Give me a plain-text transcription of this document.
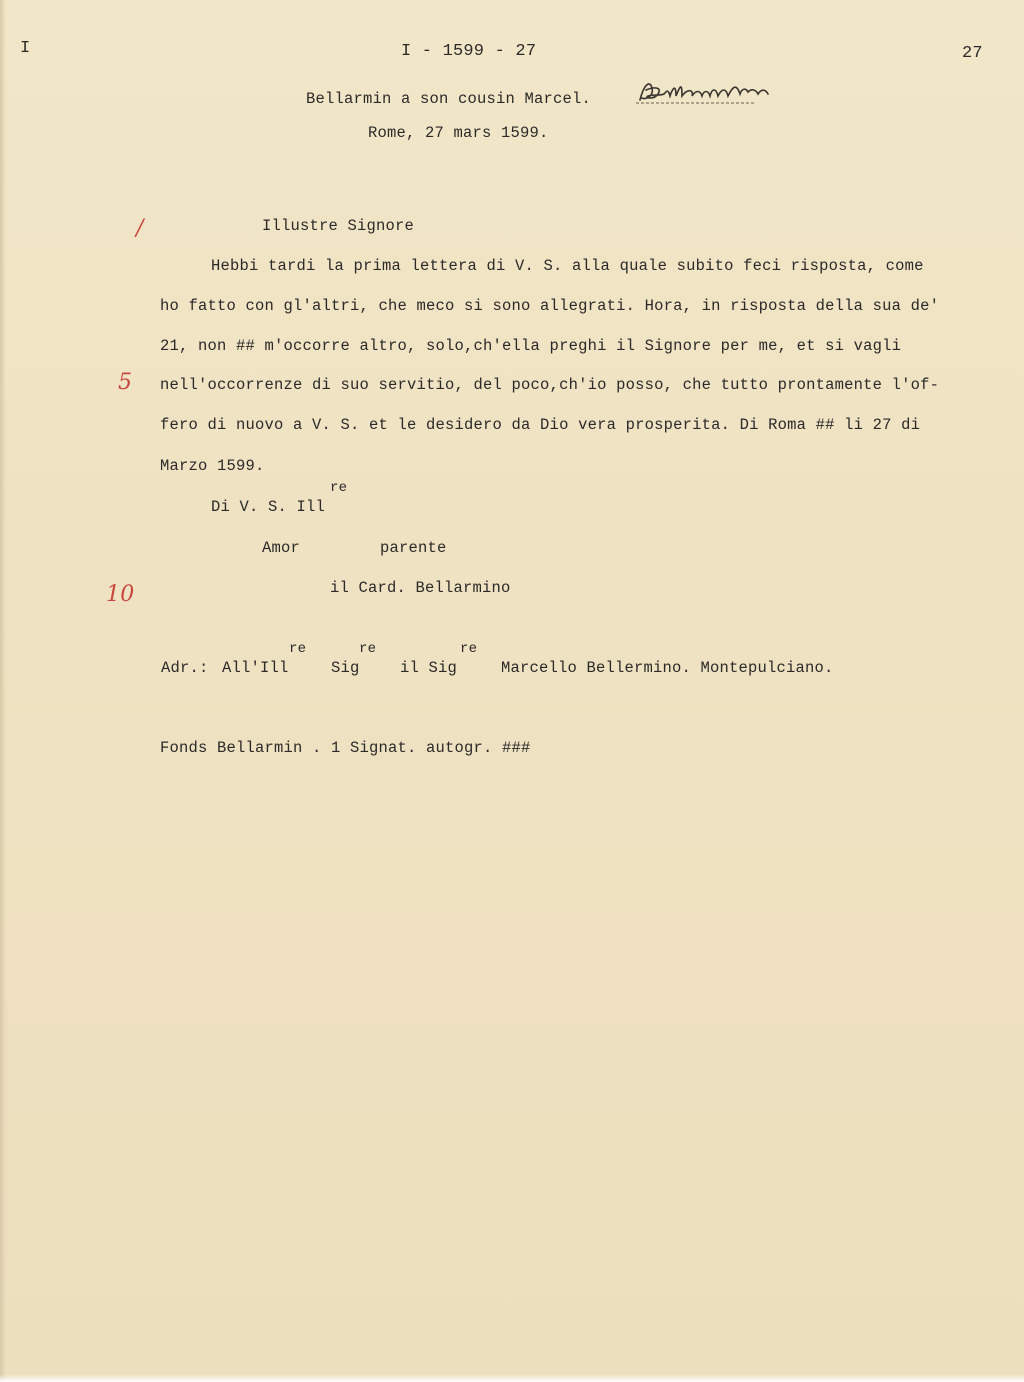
I	I - 1599 - 27	27
Bellarmin a son cousin Marcel.
Rome, 27 mars 1599.
/
5
10
Illustre Signore
Hebbi tardi la prima lettera di V. S. alla quale subito feci risposta, come
ho fatto con gl'altri, che meco si sono allegrati. Hora, in risposta della sua de'
21, non ## m'occorre altro, solo,ch'ella preghi il Signore per me, et si vagli
nell'occorrenze di suo servitio, del poco,ch'io posso, che tutto prontamente l'of-
fero di nuovo a V. S. et le desidero da Dio vera prosperita. Di Roma ## li 27 di
Marzo 1599.
re
Di V. S. Ill
Amor	parente
il Card. Bellarmino
re	re	re
Adr.: All'Ill	Sig	il Sig	Marcello Bellermino. Montepulciano.
Fonds Bellarmin . 1 Signat. autogr. ###
